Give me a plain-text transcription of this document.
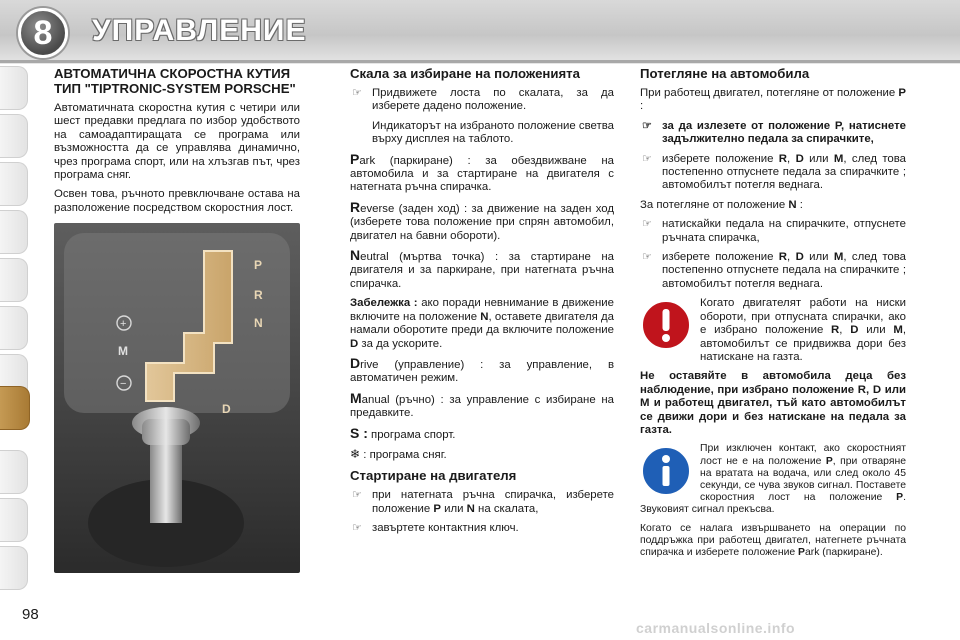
8	УПРАВЛЕНИЕ
АВТОМАТИЧНА СКОРОСТНА КУТИЯ ТИП "TIPTRONIC-SYSTEM PORSCHE"

Автоматичната скоростна кутия с четири или шест предавки предлага по избор удобството на самоадаптиращата се програма или възможността да се управлява динамично, чрез програма спорт, или на хлъзгав път, чрез програма сняг.

Освен това, ръчното превключване остава на разположение посредством скоростния лост.

P
R
N
+
M
−
D
Скала за избиране на положенията
☞ Придвижете лоста по скалата, за да изберете дадено положение.

Индикаторът на избраното положение светва върху дисплея на таблото.

Park (паркиране) : за обездвижване на автомобила и за стартиране на двигателя с натегната ръчна спирачка.

Reverse (заден ход) : за движение на заден ход (изберете това положение при спрян автомобил, двигател на бавни обороти).

Neutral (мъртва точка) : за стартиране на двигателя и за паркиране, при натегната ръчна спирачка.

Забележка : ако поради невнимание в движение включите на положение N, оставете двигателя да намали оборотите преди да включите положение D за да ускорите.

Drive (управление) : за управление, в автоматичен режим.

Manual (ръчно) : за управление с избиране на предавките.

S : програма спорт.

❄ : програма сняг.

Стартиране на двигателя
☞ при натегната ръчна спирачка, изберете положение P или N на скалата,
☞ завъртете контактния ключ.
Потегляне на автомобила

При работещ двигател, потегляне от положение P :

☞ за да излезете от положение P, натиснете задължително педала за спирачките,
☞ изберете положение R, D или M, след това постепенно отпуснете педала за спирачките ; автомобилът потегля веднага.

За потегляне от положение N :

☞ натискайки педала на спирачките, отпуснете ръчната спирачка,
☞ изберете положение R, D или M, след това постепенно отпуснете педала на спирачките ; автомобилът потегля веднага.

Когато двигателят работи на ниски обороти, при отпусната спирачки, ако е избрано положение R, D или M, автомобилът се придвижва дори без натискане на газта.

Не оставяйте в автомобила деца без наблюдение, при избрано положение R, D или M и работещ двигател, тъй като автомобилът се движи дори и без натискане на педала за газта.

При изключен контакт, ако скоростният лост не е на положение P, при отваряне на вратата на водача, или след около 45 секунди, се чува звуков сигнал. Поставете скоростния лост на положение P. Звуковият сигнал прекъсва.

Когато се налага извършването на операции по поддръжка при работещ двигател, натегнете ръчната спирачка и изберете положение Park (паркиране).

98
carmanualsonline.info
